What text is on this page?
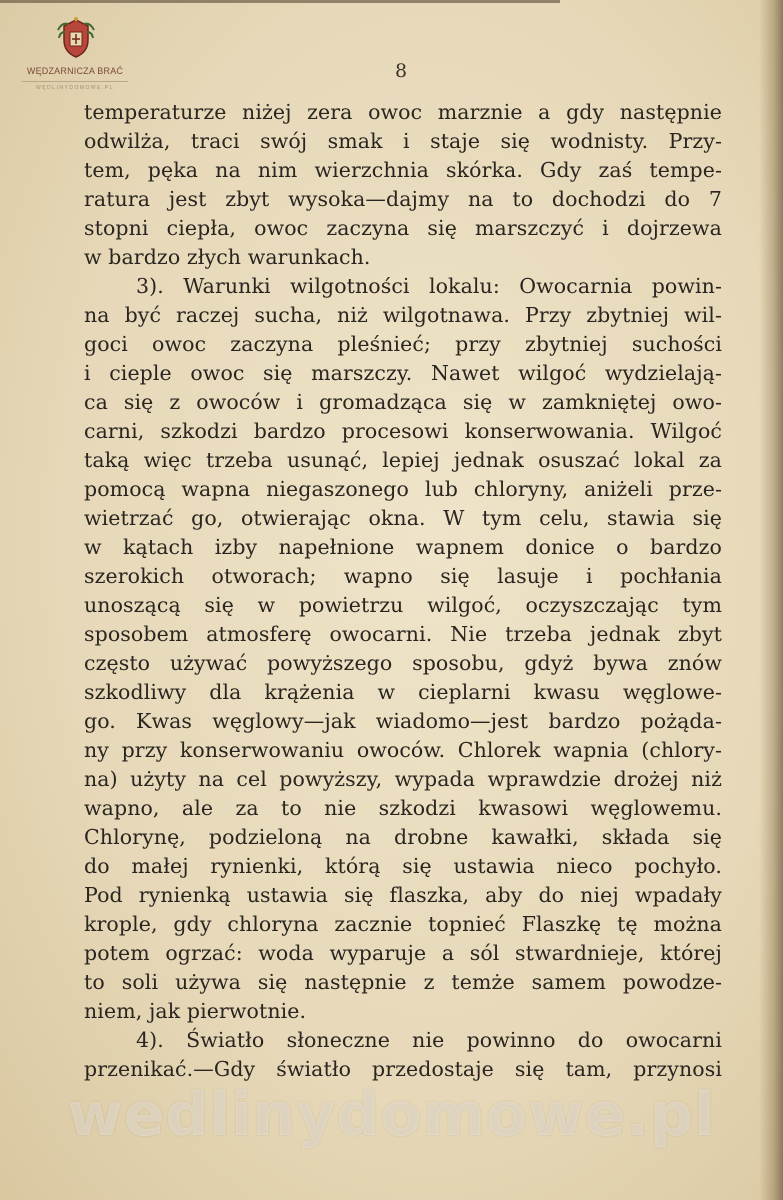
WĘDZARNICZA BRAĆ
WĘDLINYDOMOWE.PL
8
temperaturze niżej zera owoc marznie a gdy następnie
odwilża, traci swój smak i staje się wodnisty. Przy-
tem, pęka na nim wierzchnia skórka. Gdy zaś tempe-
ratura jest zbyt wysoka—dajmy na to dochodzi do 7
stopni ciepła, owoc zaczyna się marszczyć i dojrzewa
w bardzo złych warunkach.
3). Warunki wilgotności lokalu: Owocarnia powin-
na być raczej sucha, niż wilgotnawa. Przy zbytniej wil-
goci owoc zaczyna pleśnieć; przy zbytniej suchości
i cieple owoc się marszczy. Nawet wilgoć wydzielają-
ca się z owoców i gromadząca się w zamkniętej owo-
carni, szkodzi bardzo procesowi konserwowania. Wilgoć
taką więc trzeba usunąć, lepiej jednak osuszać lokal za
pomocą wapna niegaszonego lub chloryny, aniżeli prze-
wietrzać go, otwierając okna. W tym celu, stawia się
w kątach izby napełnione wapnem donice o bardzo
szerokich otworach; wapno się lasuje i pochłania
unoszącą się w powietrzu wilgoć, oczyszczając tym
sposobem atmosferę owocarni. Nie trzeba jednak zbyt
często używać powyższego sposobu, gdyż bywa znów
szkodliwy dla krążenia w cieplarni kwasu węglowe-
go. Kwas węglowy—jak wiadomo—jest bardzo pożąda-
ny przy konserwowaniu owoców. Chlorek wapnia (chlory-
na) użyty na cel powyższy, wypada wprawdzie drożej niż
wapno, ale za to nie szkodzi kwasowi węglowemu.
Chlorynę, podzieloną na drobne kawałki, składa się
do małej rynienki, którą się ustawia nieco pochyło.
Pod rynienką ustawia się flaszka, aby do niej wpadały
krople, gdy chloryna zacznie topnieć Flaszkę tę można
potem ogrzać: woda wyparuje a sól stwardnieje, której
to soli używa się następnie z temże samem powodze-
niem, jak pierwotnie.
4). Światło słoneczne nie powinno do owocarni
przenikać.—Gdy światło przedostaje się tam, przynosi
wedlinydomowe.pl
